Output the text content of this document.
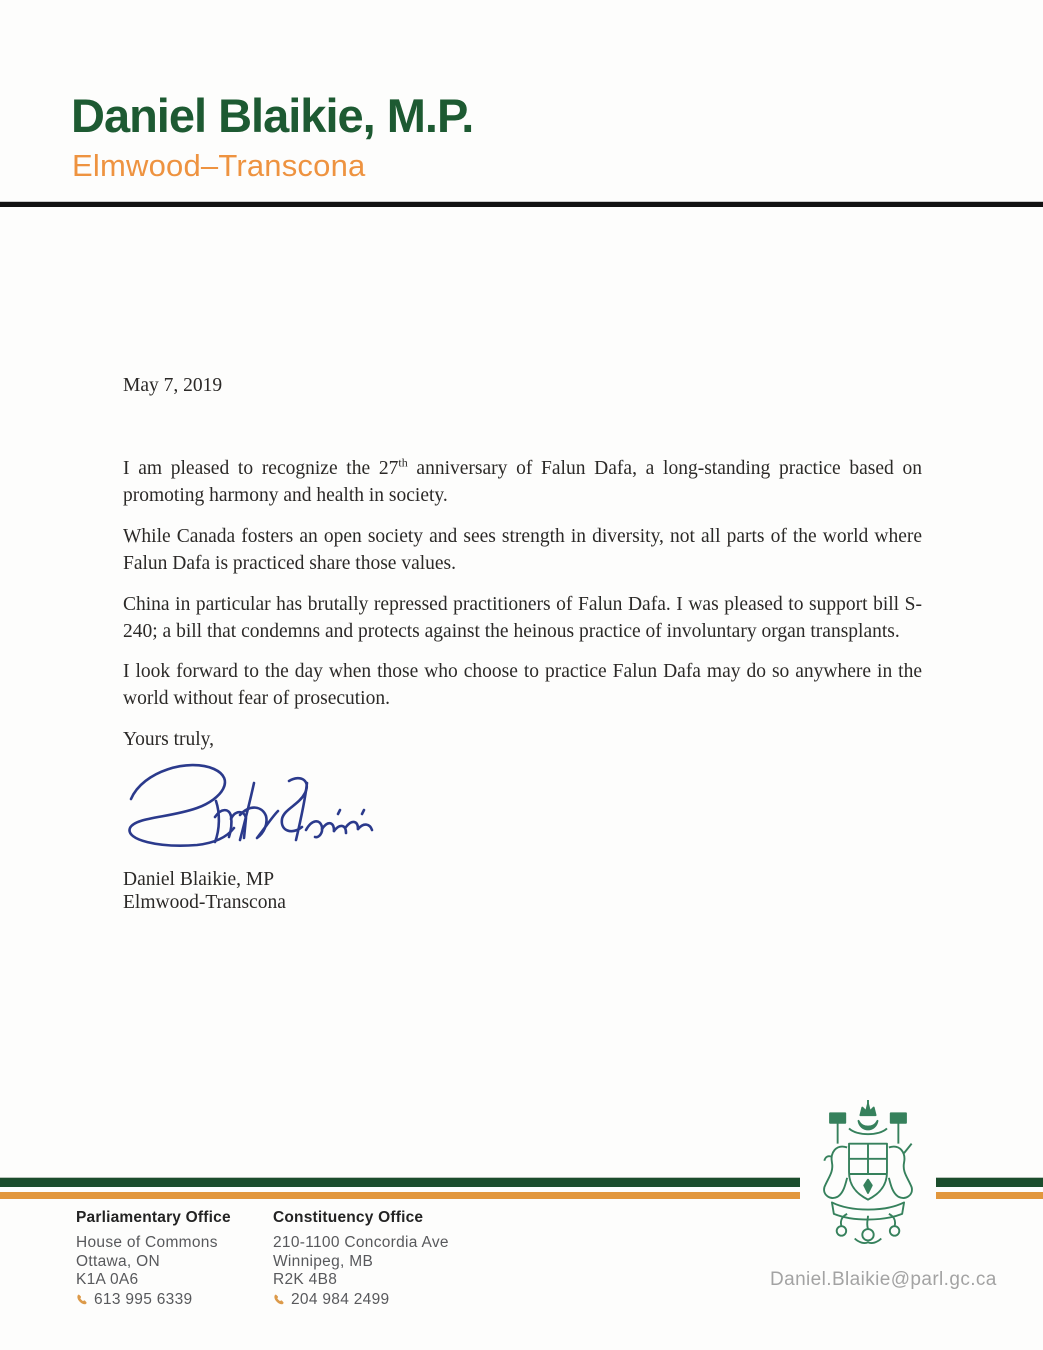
Daniel Blaikie, M.P.
Elmwood–Transcona

May 7, 2019

I am pleased to recognize the 27th anniversary of Falun Dafa, a long-standing practice based on promoting harmony and health in society.

While Canada fosters an open society and sees strength in diversity, not all parts of the world where Falun Dafa is practiced share those values.

China in particular has brutally repressed practitioners of Falun Dafa. I was pleased to support bill S-240; a bill that condemns and protects against the heinous practice of involuntary organ transplants.

I look forward to the day when those who choose to practice Falun Dafa may do so anywhere in the world without fear of prosecution.

Yours truly,

Daniel Blaikie, MP
Elmwood-Transcona
Parliamentary Office
House of Commons
Ottawa, ON
K1A 0A6
613 995 6339
Constituency Office
210-1100 Concordia Ave
Winnipeg, MB
R2K 4B8
204 984 2499
Daniel.Blaikie@parl.gc.ca
